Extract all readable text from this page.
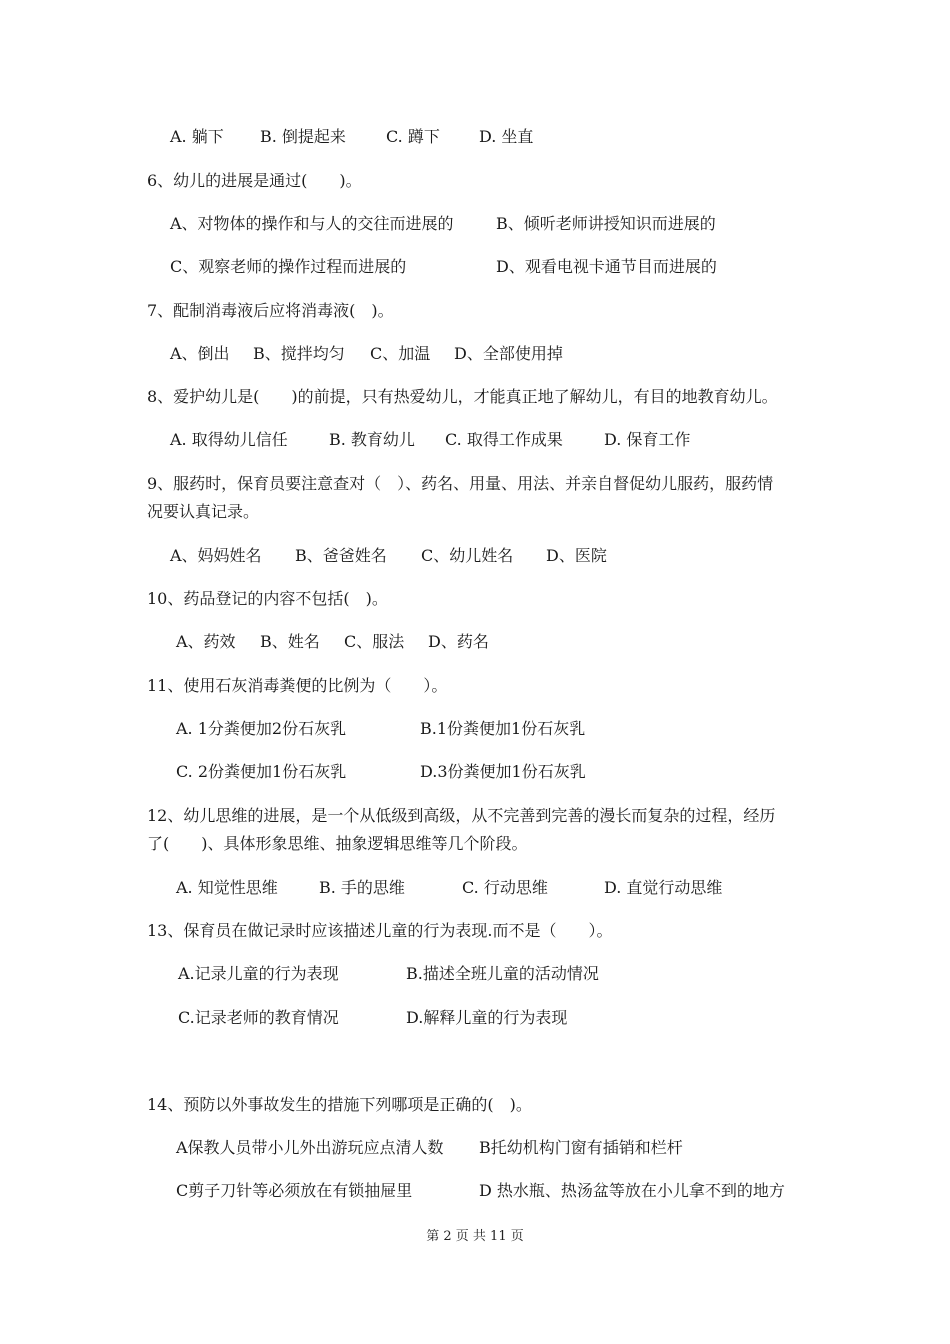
A. 躺下 B. 倒提起来	C. 蹲下 D. 坐直
6、幼儿的进展是通过(　　)。
A、对物体的操作和与人的交往而进展的	B、倾听老师讲授知识而进展的
C、观察老师的操作过程而进展的	D、观看电视卡通节目而进展的
7、配制消毒液后应将消毒液(　)。
A、倒出 B、搅拌均匀 C、加温 D、全部使用掉
8、爱护幼儿是(　　)的前提，只有热爱幼儿，才能真正地了解幼儿，有目的地教育幼儿。
A. 取得幼儿信任	B. 教育幼儿 C. 取得工作成果	D. 保育工作
9、服药时，保育员要注意查对（　）、药名、用量、用法、并亲自督促幼儿服药，服药情
况要认真记录。
A、妈妈姓名 B、爸爸姓名 C、幼儿姓名 D、医院
10、药品登记的内容不包括(　)。
A、药效 B、姓名 C、服法 D、药名
11、使用石灰消毒粪便的比例为（　　）。
A. 1分粪便加2份石灰乳	B.1份粪便加1份石灰乳
C. 2份粪便加1份石灰乳	D.3份粪便加1份石灰乳
12、幼儿思维的进展，是一个从低级到高级，从不完善到完善的漫长而复杂的过程，经历
了(　　)、具体形象思维、抽象逻辑思维等几个阶段。
A. 知觉性思维	B. 手的思维	C. 行动思维	D. 直觉行动思维
13、保育员在做记录时应该描述儿童的行为表现.而不是（　　）。
A.记录儿童的行为表现	B.描述全班儿童的活动情况
C.记录老师的教育情况	D.解释儿童的行为表现
14、预防以外事故发生的措施下列哪项是正确的(　)。
A保教人员带小儿外出游玩应点清人数 B托幼机构门窗有插销和栏杆
C剪子刀针等必须放在有锁抽屉里	D 热水瓶、热汤盆等放在小儿拿不到的地方
第 2 页 共 11 页
